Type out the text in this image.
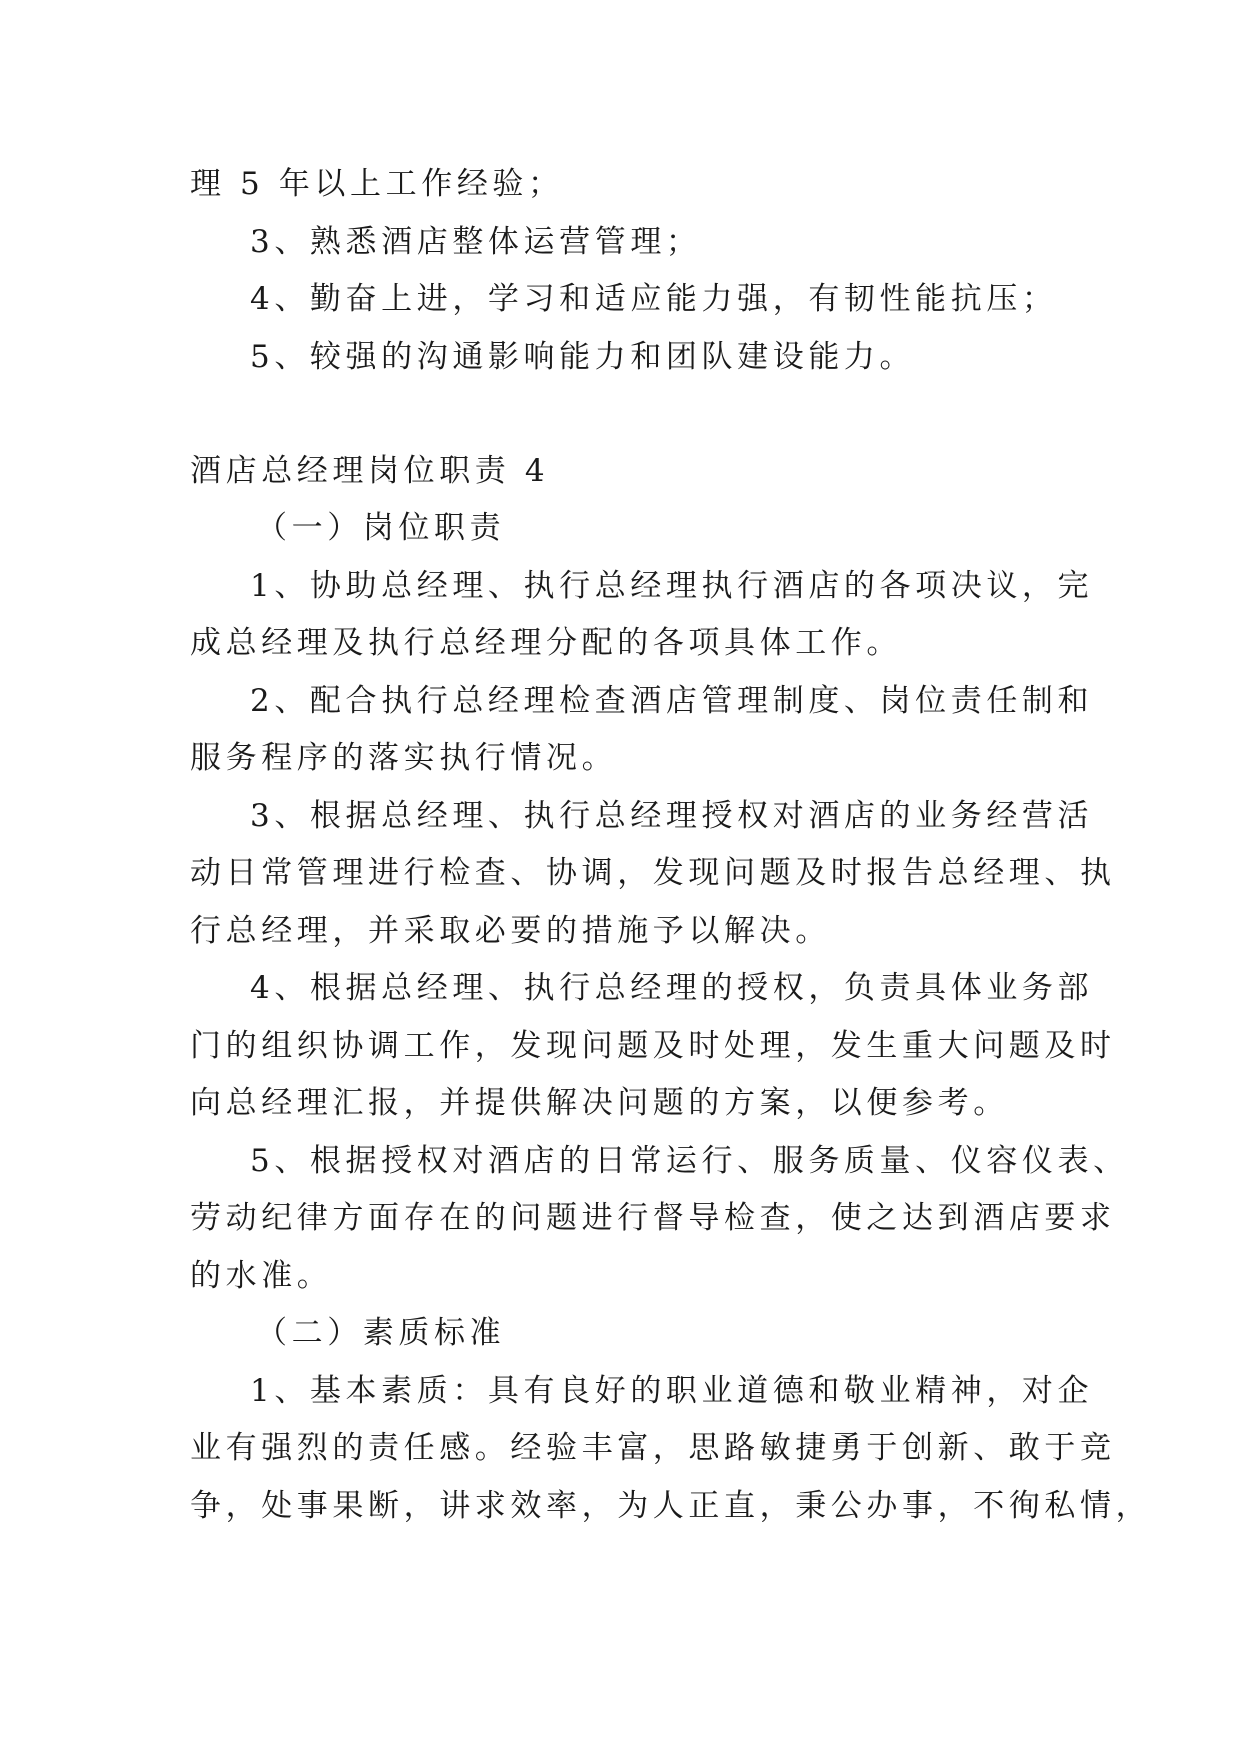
理 5 年以上工作经验；
3、熟悉酒店整体运营管理；
4、勤奋上进，学习和适应能力强，有韧性能抗压；
5、较强的沟通影响能力和团队建设能力。
酒店总经理岗位职责 4
（一）岗位职责
1、协助总经理、执行总经理执行酒店的各项决议，完
成总经理及执行总经理分配的各项具体工作。
2、配合执行总经理检查酒店管理制度、岗位责任制和
服务程序的落实执行情况。
3、根据总经理、执行总经理授权对酒店的业务经营活
动日常管理进行检查、协调，发现问题及时报告总经理、执
行总经理，并采取必要的措施予以解决。
4、根据总经理、执行总经理的授权，负责具体业务部
门的组织协调工作，发现问题及时处理，发生重大问题及时
向总经理汇报，并提供解决问题的方案，以便参考。
5、根据授权对酒店的日常运行、服务质量、仪容仪表、
劳动纪律方面存在的问题进行督导检查，使之达到酒店要求
的水准。
（二）素质标准
1、基本素质：具有良好的职业道德和敬业精神，对企
业有强烈的责任感。经验丰富，思路敏捷勇于创新、敢于竞
争，处事果断，讲求效率，为人正直，秉公办事，不徇私情，
